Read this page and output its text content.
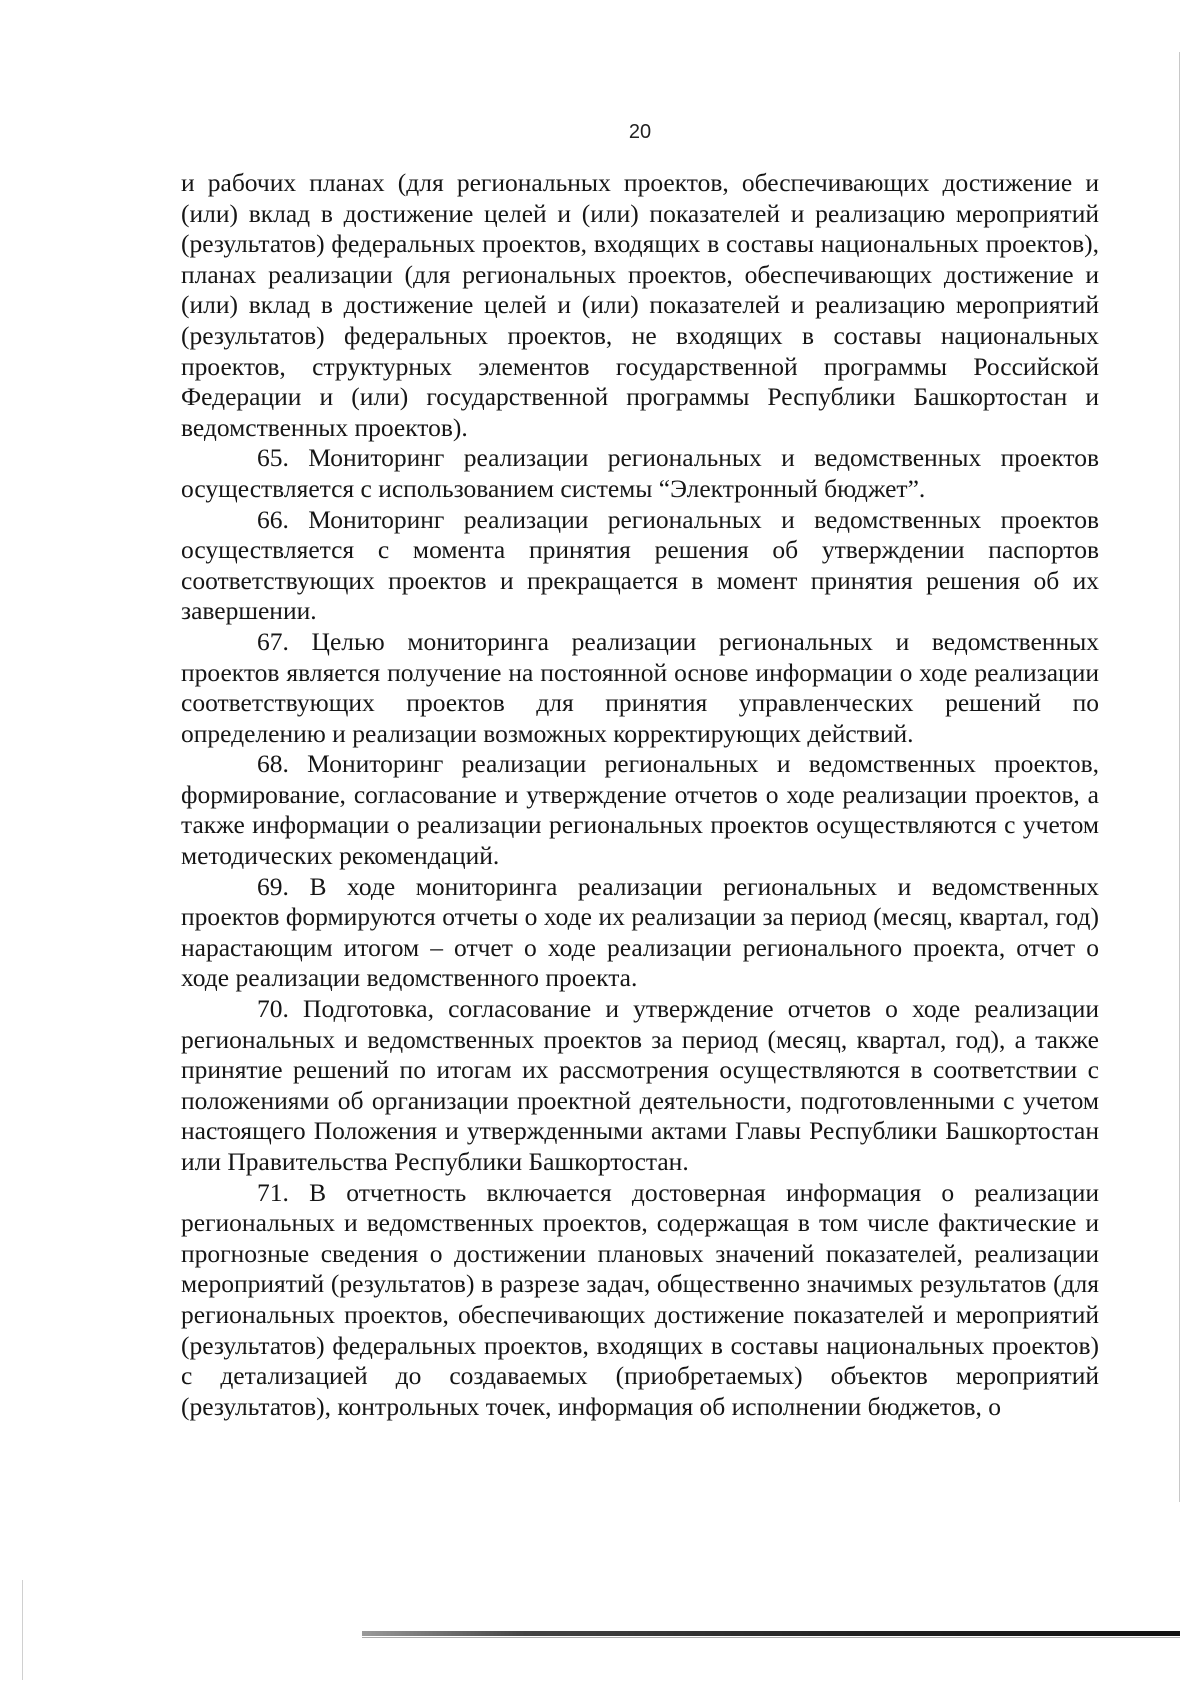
20

и рабочих планах (для региональных проектов, обеспечивающих достижение и (или) вклад в достижение целей и (или) показателей и реализацию мероприятий (результатов) федеральных проектов, входящих в составы национальных проектов), планах реализации (для региональных проектов, обеспечивающих достижение и (или) вклад в достижение целей и (или) показателей и реализацию мероприятий (результатов) федеральных проектов, не входящих в составы национальных проектов, структурных элементов государственной программы Российской Федерации и (или) государственной программы Республики Башкортостан и ведомственных проектов).

65. Мониторинг реализации региональных и ведомственных проектов осуществляется с использованием системы “Электронный бюджет”.

66. Мониторинг реализации региональных и ведомственных проектов осуществляется с момента принятия решения об утверждении паспортов соответствующих проектов и прекращается в момент принятия решения об их завершении.

67. Целью мониторинга реализации региональных и ведомственных проектов является получение на постоянной основе информации о ходе реализации соответствующих проектов для принятия управленческих решений по определению и реализации возможных корректирующих действий.

68. Мониторинг реализации региональных и ведомственных проектов, формирование, согласование и утверждение отчетов о ходе реализации проектов, а также информации о реализации региональных проектов осуществляются с учетом методических рекомендаций.

69. В ходе мониторинга реализации региональных и ведомственных проектов формируются отчеты о ходе их реализации за период (месяц, квартал, год) нарастающим итогом – отчет о ходе реализации регионального проекта, отчет о ходе реализации ведомственного проекта.

70. Подготовка, согласование и утверждение отчетов о ходе реализации региональных и ведомственных проектов за период (месяц, квартал, год), а также принятие решений по итогам их рассмотрения осуществляются в соответствии с положениями об организации проектной деятельности, подготовленными с учетом настоящего Положения и утвержденными актами Главы Республики Башкортостан или Правительства Республики Башкортостан.

71. В отчетность включается достоверная информация о реализации региональных и ведомственных проектов, содержащая в том числе фактические и прогнозные сведения о достижении плановых значений показателей, реализации мероприятий (результатов) в разрезе задач, общественно значимых результатов (для региональных проектов, обеспечивающих достижение показателей и мероприятий (результатов) федеральных проектов, входящих в составы национальных проектов) с детализацией до создаваемых (приобретаемых) объектов мероприятий (результатов), контрольных точек, информация об исполнении бюджетов, о
